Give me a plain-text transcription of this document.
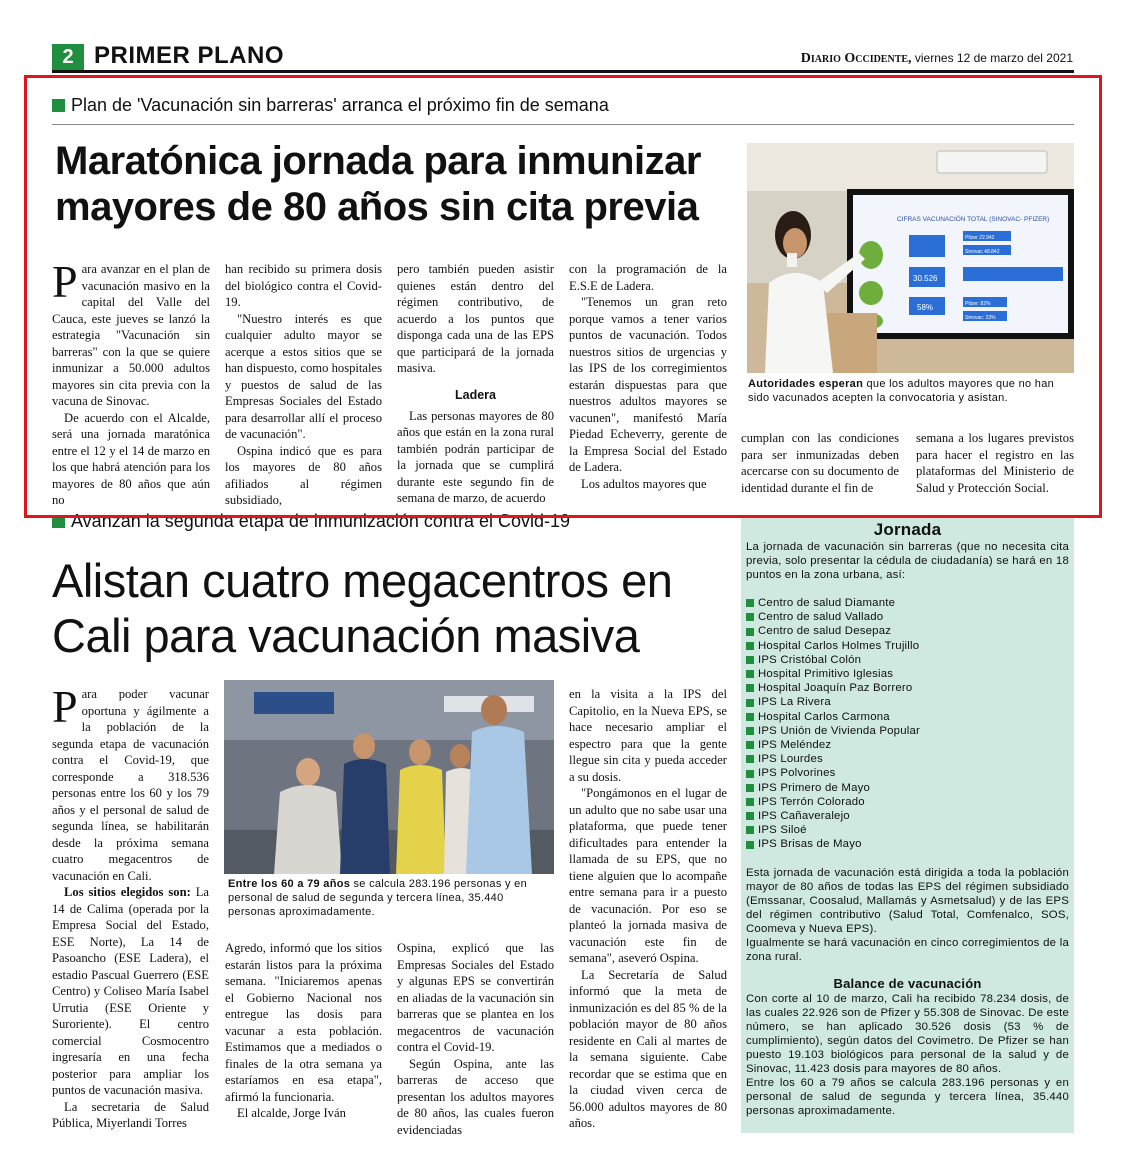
2 PRIMER PLANO	Diario Occidente, viernes 12 de marzo del 2021
Plan de 'Vacunación sin barreras' arranca el próximo fin de semana
Maratónica jornada para inmunizar mayores de 80 años sin cita previa

Para avanzar en el plan de vacunación masivo en la capital del Valle del Cauca, este jueves se lanzó la estrategia "Vacunación sin barreras" con la que se quiere inmunizar a 50.000 adultos mayores sin cita previa con la vacuna de Sinovac.

De acuerdo con el Alcalde, será una jornada maratónica entre el 12 y el 14 de marzo en los que habrá atención para los mayores de 80 años que aún no

han recibido su primera dosis del biológico contra el Covid-19.

"Nuestro interés es que cualquier adulto mayor se acerque a estos sitios que se han dispuesto, como hospitales y puestos de salud de las Empresas Sociales del Estado para desarrollar allí el proceso de vacunación".

Ospina indicó que es para los mayores de 80 años afiliados al régimen subsidiado,

pero también pueden asistir quienes están dentro del régimen contributivo, de acuerdo a los puntos que disponga cada una de las EPS que participará de la jornada masiva.

Ladera

Las personas mayores de 80 años que están en la zona rural también podrán participar de la jornada que se cumplirá durante este segundo fin de semana de marzo, de acuerdo

con la programación de la E.S.E de Ladera.

"Tenemos un gran reto porque vamos a tener varios puntos de vacunación. Todos nuestros sitios de urgencias y las IPS de los corregimientos estarán dispuestas para que nuestros adultos mayores se vacunen", manifestó María Piedad Echeverry, gerente de la Empresa Social del Estado de Ladera.

Los adultos mayores que

CIFRAS VACUNACIÓN TOTAL (SINOVAC- PFIZER)
30.526
58%
Pfizer 22.942
Sinovac 48.842
Pfizer: 82%
Sinovac: 23%
Autoridades esperan que los adultos mayores que no han sido vacunados acepten la convocatoria y asistan.

cumplan con las condiciones para ser inmunizadas deben acercarse con su documento de identidad durante el fin de

semana a los lugares previstos para hacer el registro en las plataformas del Ministerio de Salud y Protección Social.

Avanzan la segunda etapa de inmunización contra el Covid-19
Alistan cuatro megacentros en Cali para vacunación masiva

Para poder vacunar oportuna y ágilmente a la población de la segunda etapa de vacunación contra el Covid-19, que corresponde a 318.536 personas entre los 60 y los 79 años y el personal de salud de segunda línea, se habilitarán desde la próxima semana cuatro megacentros de vacunación en Cali.

Los sitios elegidos son: La 14 de Calima (operada por la Empresa Social del Estado, ESE Norte), La 14 de Pasoancho (ESE Ladera), el estadio Pascual Guerrero (ESE Centro) y Coliseo María Isabel Urrutia (ESE Oriente y Suroriente). El centro comercial Cosmocentro ingresaría en una fecha posterior para ampliar los puntos de vacunación masiva.

La secretaria de Salud Pública, Miyerlandi Torres

Entre los 60 a 79 años se calcula 283.196 personas y en personal de salud de segunda y tercera línea, 35.440 personas aproximadamente.

Agredo, informó que los sitios estarán listos para la próxima semana. "Iniciaremos apenas el Gobierno Nacional nos entregue las dosis para vacunar a esta población. Estimamos que a mediados o finales de la otra semana ya estaríamos en esa etapa", afirmó la funcionaria.

El alcalde, Jorge Iván

Ospina, explicó que las Empresas Sociales del Estado y algunas EPS se convertirán en aliadas de la vacunación sin barreras que se plantea en los megacentros de vacunación contra el Covid-19.

Según Ospina, ante las barreras de acceso que presentan los adultos mayores de 80 años, las cuales fueron evidenciadas

en la visita a la IPS del Capitolio, en la Nueva EPS, se hace necesario ampliar el espectro para que la gente llegue sin cita y pueda acceder a su dosis.

"Pongámonos en el lugar de un adulto que no sabe usar una plataforma, que puede tener dificultades para entender la llamada de su EPS, que no tiene alguien que lo acompañe entre semana para ir a puesto de vacunación. Por eso se planteó la jornada masiva de vacunación este fin de semana", aseveró Ospina.

La Secretaría de Salud informó que la meta de inmunización es del 85 % de la población mayor de 80 años residente en Cali al martes de la semana siguiente. Cabe recordar que se estima que en la ciudad viven cerca de 56.000 adultos mayores de 80 años.

Jornada

La jornada de vacunación sin barreras (que no necesita cita previa, solo presentar la cédula de ciudadanía) se hará en 18 puntos en la zona urbana, así:

Centro de salud Diamante
Centro de salud Vallado
Centro de salud Desepaz
Hospital Carlos Holmes Trujillo
IPS Cristóbal Colón
Hospital Primitivo Iglesias
Hospital Joaquín Paz Borrero
IPS La Rivera
Hospital Carlos Carmona
IPS Unión de Vivienda Popular
IPS Meléndez
IPS Lourdes
IPS Polvorines
IPS Primero de Mayo
IPS Terrón Colorado
IPS Cañaveralejo
IPS Siloé
IPS Brisas de Mayo

Esta jornada de vacunación está dirigida a toda la población mayor de 80 años de todas las EPS del régimen subsidiado (Emssanar, Coosalud, Mallamás y Asmetsalud) y de las EPS del régimen contributivo (Salud Total, Comfenalco, SOS, Coomeva y Nueva EPS).

Igualmente se hará vacunación en cinco corregimientos de la zona rural.

Balance de vacunación

Con corte al 10 de marzo, Cali ha recibido 78.234 dosis, de las cuales 22.926 son de Pfizer y 55.308 de Sinovac. De este número, se han aplicado 30.526 dosis (53 % de cumplimiento), según datos del Covimetro. De Pfizer se han puesto 19.103 biológicos para personal de la salud y de Sinovac, 11.423 dosis para mayores de 80 años.

Entre los 60 a 79 años se calcula 283.196 personas y en personal de salud de segunda y tercera línea, 35.440 personas aproximadamente.
